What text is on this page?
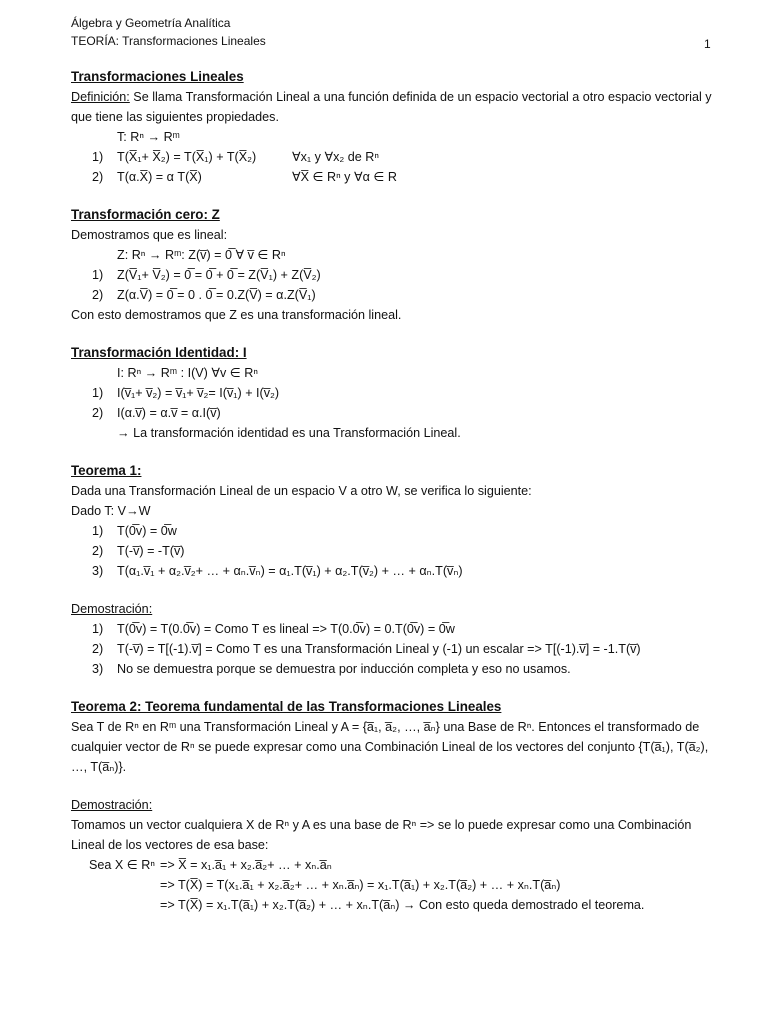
Álgebra y Geometría Analítica
TEORÍA: Transformaciones Lineales	1
Transformaciones Lineales

Definición: Se llama Transformación Lineal a una función definida de un espacio vectorial a otro espacio vectorial y que tiene las siguientes propiedades.

T: Rⁿ → Rᵐ
1) T(X̅₁+ X̅₂) = T(X̅₁) + T(X̅₂)	∀x₁ y ∀x₂ de Rⁿ
2) T(α.X̅) = α T(X̅)	∀X̅ ∈ Rⁿ y ∀α ∈ R
Transformación cero: Z

Demostramos que es lineal:

Z: Rⁿ → Rᵐ: Z(v̅) = 0̅ ∀ v̅ ∈ Rⁿ
1) Z(V̅₁+ V̅₂) = 0̅ = 0̅ + 0̅ = Z(V̅₁) + Z(V̅₂)
2) Z(α.V̅) = 0̅ = 0 . 0̅ = 0.Z(V̅) = α.Z(V̅₁)

Con esto demostramos que Z es una transformación lineal.

Transformación Identidad: I
I: Rⁿ → Rᵐ : I(V) ∀v ∈ Rⁿ
1) I(v̅₁+ v̅₂) = v̅₁+ v̅₂= I(v̅₁) + I(v̅₂)
2) I(α.v̅) = α.v̅ = α.I(v̅)
→ La transformación identidad es una Transformación Lineal.
Teorema 1:

Dada una Transformación Lineal de un espacio V a otro W, se verifica lo siguiente:

Dado T: V→W

1) T(0̅v) = 0̅w
2) T(-v̅) = -T(v̅)
3) T(α₁.v̅₁ + α₂.v̅₂+ … + αₙ.v̅ₙ) = α₁.T(v̅₁) + α₂.T(v̅₂) + … + αₙ.T(v̅ₙ)

Demostración:

1) T(0̅v) = T(0.0̅v) = Como T es lineal => T(0.0̅v) = 0.T(0̅v) = 0̅w
2) T(-v̅) = T[(-1).v̅] = Como T es una Transformación Lineal y (-1) un escalar => T[(-1).v̅] = -1.T(v̅)
3) No se demuestra porque se demuestra por inducción completa y eso no usamos.
Teorema 2: Teorema fundamental de las Transformaciones Lineales

Sea T de Rⁿ en Rᵐ una Transformación Lineal y A = {a̅₁, a̅₂, …, a̅ₙ} una Base de Rⁿ. Entonces el transformado de cualquier vector de Rⁿ se puede expresar como una Combinación Lineal de los vectores del conjunto {T(a̅₁), T(a̅₂), …, T(a̅ₙ)}.

Demostración:

Tomamos un vector cualquiera X de Rⁿ y A es una base de Rⁿ => se lo puede expresar como una Combinación Lineal de los vectores de esa base:

Sea X ∈ Rⁿ => X̅ = x₁.a̅₁ + x₂.a̅₂+ … + xₙ.a̅ₙ
=> T(X̅) = T(x₁.a̅₁ + x₂.a̅₂+ … + xₙ.a̅ₙ) = x₁.T(a̅₁) + x₂.T(a̅₂) + … + xₙ.T(a̅ₙ)
=> T(X̅) = x₁.T(a̅₁) + x₂.T(a̅₂) + … + xₙ.T(a̅ₙ) → Con esto queda demostrado el teorema.
